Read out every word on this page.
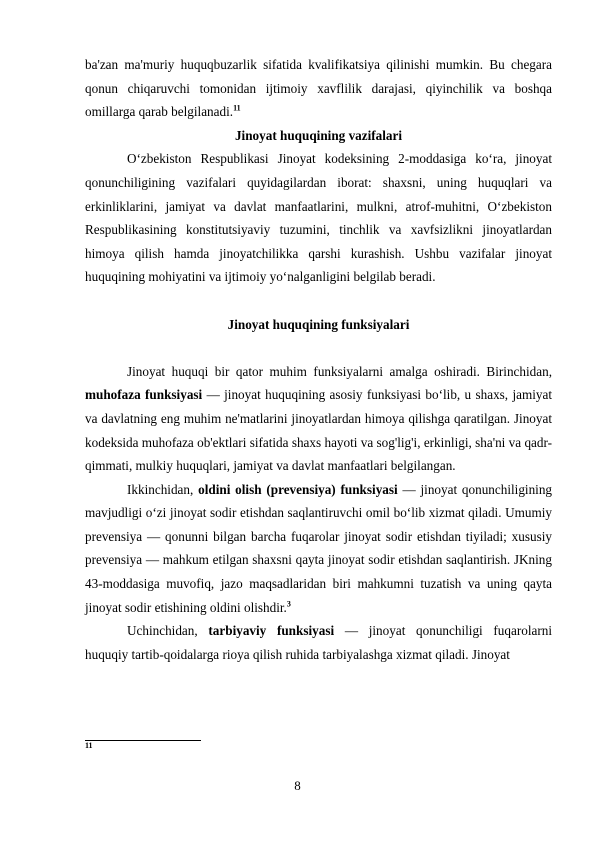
ba'zan ma'muriy huquqbuzarlik sifatida kvalifikatsiya qilinishi mumkin. Bu chegara qonun chiqaruvchi tomonidan ijtimoiy xavflilik darajasi, qiyinchilik va boshqa omillarga qarab belgilanadi.$^{11}$

Jinoyat huquqining vazifalari

O‘zbekiston Respublikasi Jinoyat kodeksining 2-moddasiga ko‘ra, jinoyat qonunchiligining vazifalari quyidagilardan iborat: shaxsni, uning huquqlari va erkinliklarini, jamiyat va davlat manfaatlarini, mulkni, atrof-muhitni, O‘zbekiston Respublikasining konstitutsiyaviy tuzumini, tinchlik va xavfsizlikni jinoyatlardan himoya qilish hamda jinoyatchilikka qarshi kurashish. Ushbu vazifalar jinoyat huquqining mohiyatini va ijtimoiy yo‘nalganligini belgilab beradi.

Jinoyat huquqining funksiyalari

Jinoyat huquqi bir qator muhim funksiyalarni amalga oshiradi. Birinchidan, muhofaza funksiyasi — jinoyat huquqining asosiy funksiyasi bo‘lib, u shaxs, jamiyat va davlatning eng muhim ne'matlarini jinoyatlardan himoya qilishga qaratilgan. Jinoyat kodeksida muhofaza ob'ektlari sifatida shaxs hayoti va sog'lig'i, erkinligi, sha'ni va qadr-qimmati, mulkiy huquqlari, jamiyat va davlat manfaatlari belgilangan.

Ikkinchidan, oldini olish (prevensiya) funksiyasi — jinoyat qonunchiligining mavjudligi o‘zi jinoyat sodir etishdan saqlantiruvchi omil bo‘lib xizmat qiladi. Umumiy prevensiya — qonunni bilgan barcha fuqarolar jinoyat sodir etishdan tiyiladi; xususiy prevensiya — mahkum etilgan shaxsni qayta jinoyat sodir etishdan saqlantirish. JKning 43-moddasiga muvofiq, jazo maqsadlaridan biri mahkumni tuzatish va uning qayta jinoyat sodir etishining oldini olishdir.$^3$

Uchinchidan, tarbiyaviy funksiyasi — jinoyat qonunchiligi fuqarolarni huquqiy tartib-qoidalarga rioya qilish ruhida tarbiyalashga xizmat qiladi. Jinoyat

11
8
